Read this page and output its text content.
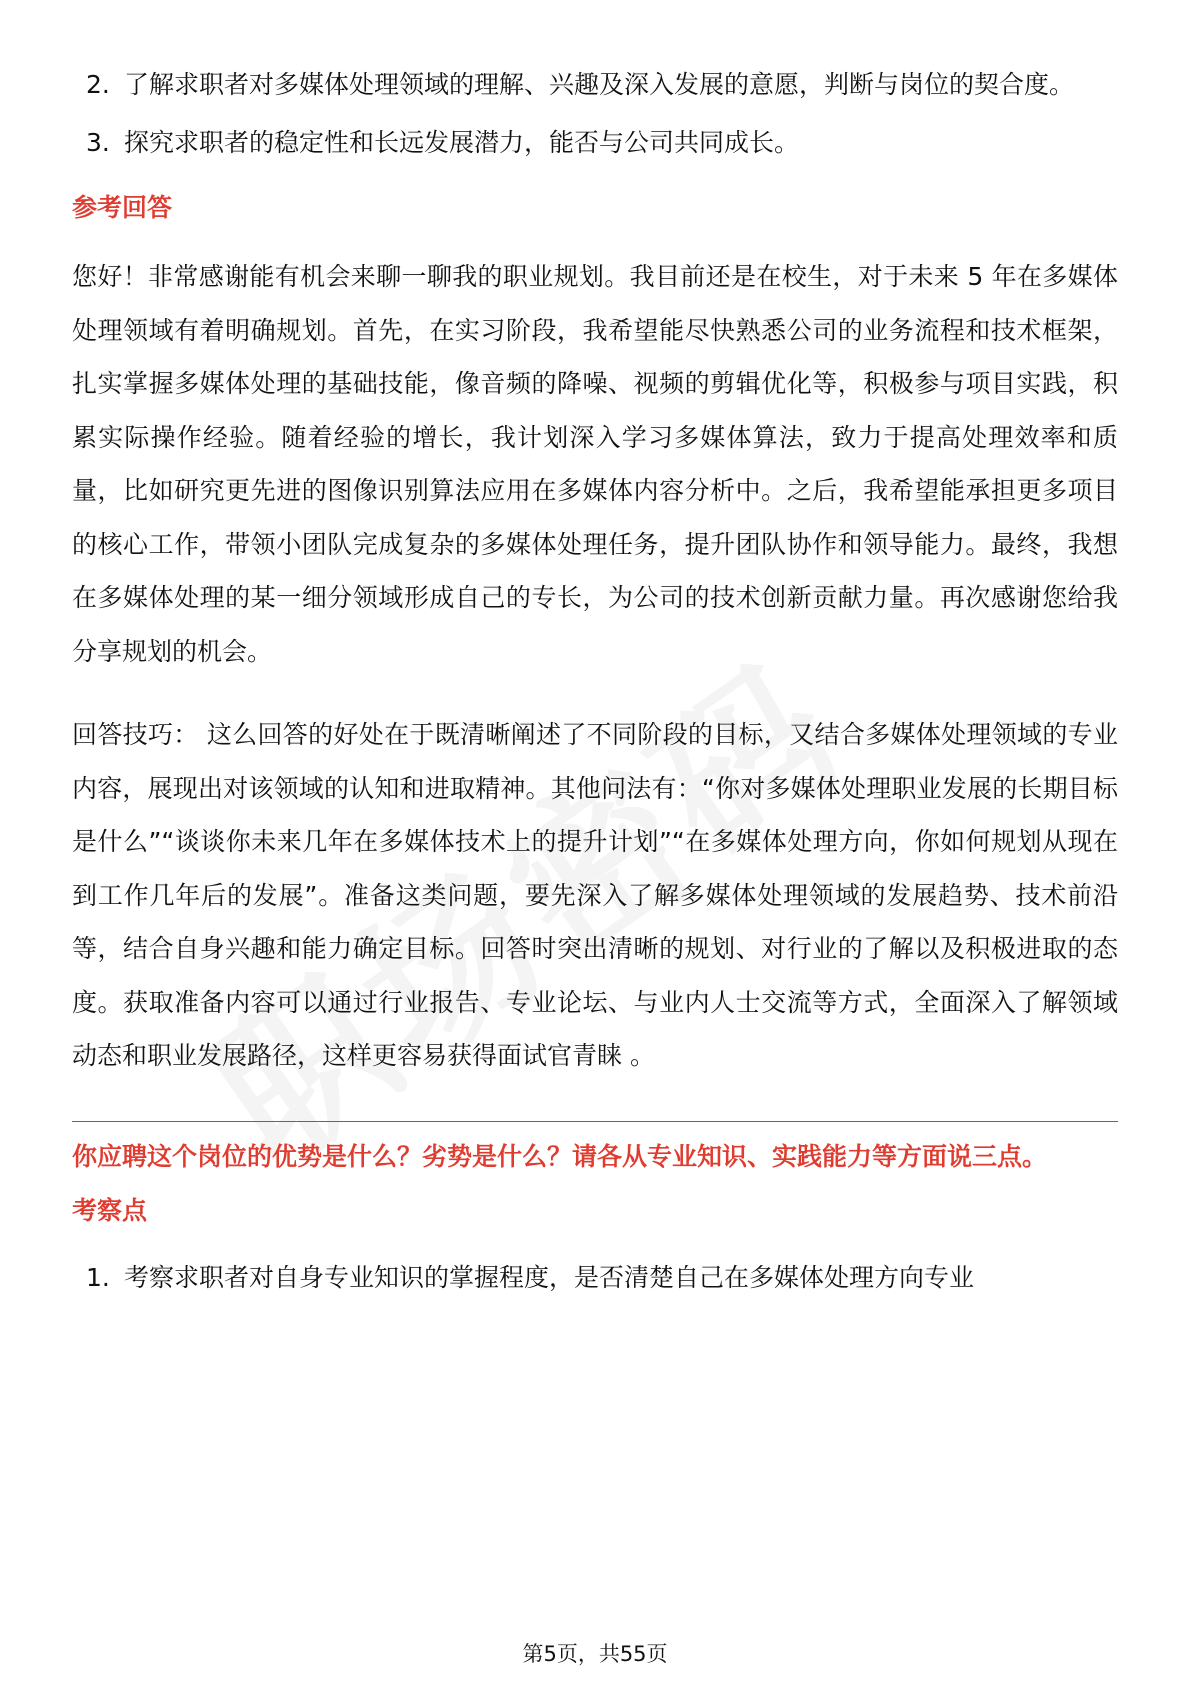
2. 了解求职者对多媒体处理领域的理解、兴趣及深入发展的意愿，判断与岗位的契合度。
3. 探究求职者的稳定性和长远发展潜力，能否与公司共同成长。
参考回答

您好！非常感谢能有机会来聊一聊我的职业规划。我目前还是在校生，对于未来 5 年在多媒体处理领域有着明确规划。首先，在实习阶段，我希望能尽快熟悉公司的业务流程和技术框架，扎实掌握多媒体处理的基础技能，像音频的降噪、视频的剪辑优化等，积极参与项目实践，积累实际操作经验。随着经验的增长，我计划深入学习多媒体算法，致力于提高处理效率和质量，比如研究更先进的图像识别算法应用在多媒体内容分析中。之后，我希望能承担更多项目的核心工作，带领小团队完成复杂的多媒体处理任务，提升团队协作和领导能力。最终，我想在多媒体处理的某一细分领域形成自己的专长，为公司的技术创新贡献力量。再次感谢您给我分享规划的机会。

回答技巧： 这么回答的好处在于既清晰阐述了不同阶段的目标，又结合多媒体处理领域的专业内容，展现出对该领域的认知和进取精神。其他问法有：“你对多媒体处理职业发展的长期目标是什么”“谈谈你未来几年在多媒体技术上的提升计划”“在多媒体处理方向，你如何规划从现在到工作几年后的发展”。准备这类问题，要先深入了解多媒体处理领域的发展趋势、技术前沿等，结合自身兴趣和能力确定目标。回答时突出清晰的规划、对行业的了解以及积极进取的态度。获取准备内容可以通过行业报告、专业论坛、与业内人士交流等方式，全面深入了解领域动态和职业发展路径，这样更容易获得面试官青睐 。

你应聘这个岗位的优势是什么？劣势是什么？请各从专业知识、实践能力等方面说三点。
考察点
1. 考察求职者对自身专业知识的掌握程度，是否清楚自己在多媒体处理方向专业
第5页，共55页
